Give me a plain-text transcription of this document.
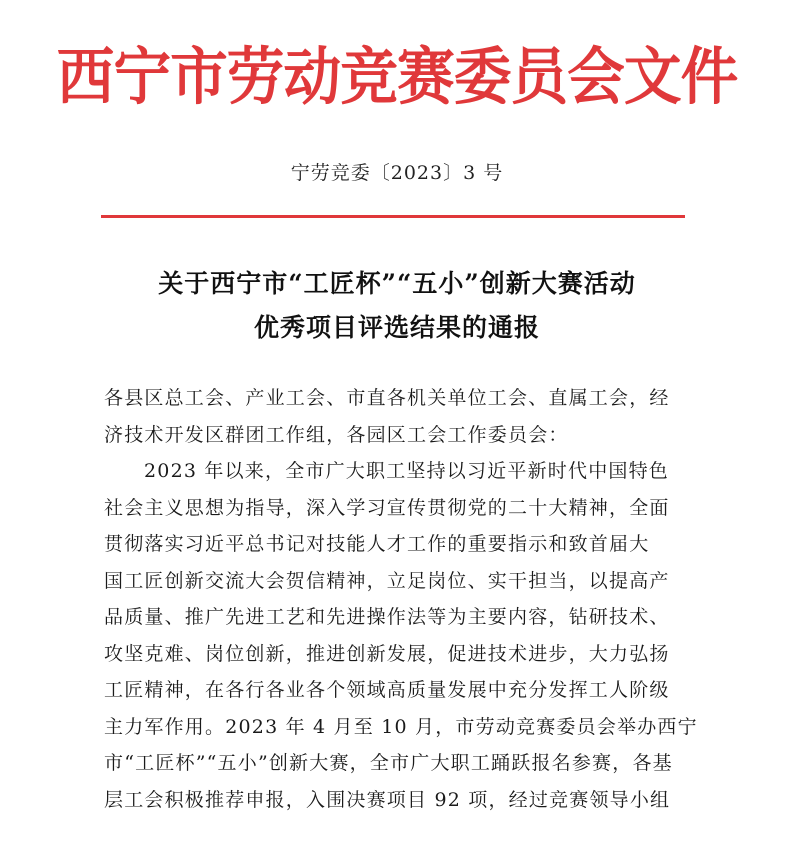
西宁市劳动竞赛委员会文件
宁劳竞委〔2023〕3 号
关于西宁市“工匠杯”“五小”创新大赛活动
优秀项目评选结果的通报
各县区总工会、产业工会、市直各机关单位工会、直属工会，经
济技术开发区群团工作组，各园区工会工作委员会：
2023 年以来，全市广大职工坚持以习近平新时代中国特色
社会主义思想为指导，深入学习宣传贯彻党的二十大精神，全面
贯彻落实习近平总书记对技能人才工作的重要指示和致首届大
国工匠创新交流大会贺信精神，立足岗位、实干担当，以提高产
品质量、推广先进工艺和先进操作法等为主要内容，钻研技术、
攻坚克难、岗位创新，推进创新发展，促进技术进步，大力弘扬
工匠精神，在各行各业各个领域高质量发展中充分发挥工人阶级
主力军作用。2023 年 4 月至 10 月，市劳动竞赛委员会举办西宁
市“工匠杯”“五小”创新大赛，全市广大职工踊跃报名参赛，各基
层工会积极推荐申报，入围决赛项目 92 项，经过竞赛领导小组
